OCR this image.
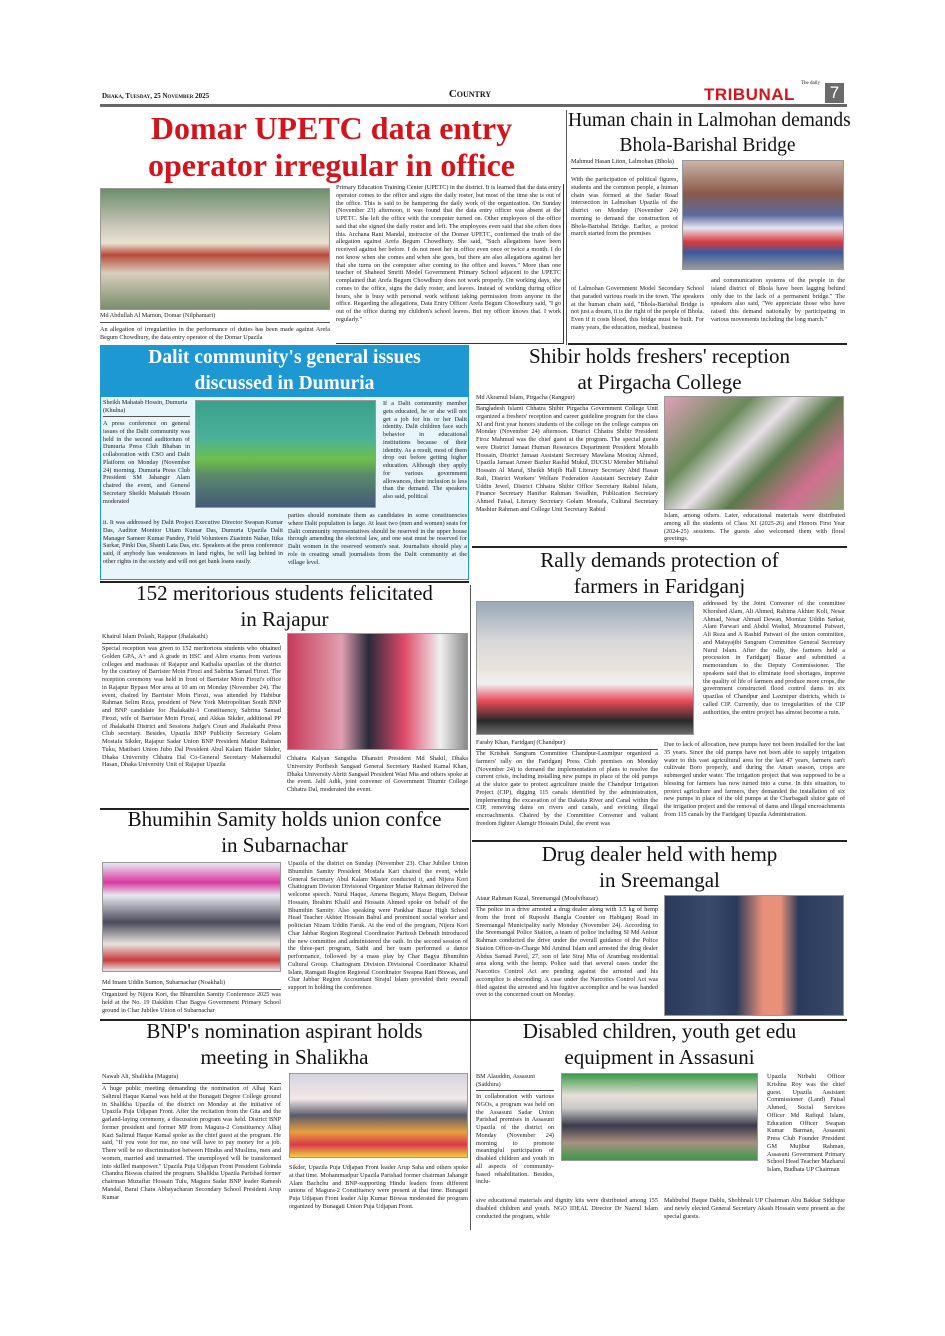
Dhaka, Tuesday, 25 November 2025	Country
The daily
TRIBUNAL 7
Domar UPETC data entry
operator irregular in office
Md Abdullah Al Mamun, Domar (Nilphamari)
An allegation of irregularities in the performance of duties has been made against Arefa Begum Chowdhury, the data entry operator of the Domar Upazila
Primary Education Training Center (UPETC) in the district. It is learned that the data entry operator comes to the office and signs the daily roster, but most of the time she is out of the office. This is said to be hampering the daily work of the organization. On Sunday (November 23) afternoon, it was found that the data entry officer was absent at the UPETC. She left the office with the computer turned on. Other employees of the office said that she signed the daily roster and left. The employees even said that she often does this. Archana Rani Mandal, instructor of the Domar UPETC, confirmed the truth of the allegation against Arefa Begum Chowdhury. She said, "Such allegations have been received against her before. I do not meet her in office even once or twice a month. I do not know when she comes and when she goes, but there are also allegations against her that she turns on the computer after coming to the office and leaves." More than one teacher of Shaheed Smriti Model Government Primary School adjacent to the UPETC complained that Arefa Begum Chowdhury does not work properly. On working days, she comes to the office, signs the daily roster, and leaves. Instead of working during office hours, she is busy with personal work without taking permission from anyone in the office. Regarding the allegations, Data Entry Officer Arefa Begum Chowdhury said, "I go out of the office during my children's school leaves. But my officer knows that. I work regularly."
Human chain in Lalmohan demands
Bhola-Barishal Bridge
Mahmud Hasan Liton, Lalmohan (Bhola)
With the participation of political figures, students and the common people, a human chain was formed at the Sadar Road intersection in Lalmohan Upazila of the district on Monday (November 24) morning to demand the construction of Bhola-Barishal Bridge. Earlier, a protest march started from the premises
of Lalmohan Government Model Secondary School that paraded various roads in the town. The speakers at the human chain said, "Bhola-Barishal Bridge is not just a dream, it is the right of the people of Bhola. Even if it costs blood, this bridge must be built. For many years, the education, medical, business
and communication systems of the people in the island district of Bhola have been lagging behind only due to the lack of a permanent bridge." The speakers also said, "We appreciate those who have raised this demand nationally by participating in various movements including the long march."
Dalit community's general issues
discussed in Dumuria
Sheikh Mahatab Hossin, Dumuria (Khulna)
A press conference on general issues of the Dalit community was held in the second auditorium of Dumuria Press Club Bhaban in collaboration with CSO and Dalit Platform on Monday (November 24) morning. Dumuria Press Club President SM Jahangir Alam chaired the event, and General Secretary Sheikh Mahatab Hossin moderated
it. It was addressed by Dalit Project Executive Director Swapan Kumar Das, Auditor Monitor Uttam Kumar Das, Dumuria Upazila Dalit Manager Sameer Kumar Pandey, Field Volunteers Ziasimin Nahar, Itika Sarkar, Pinki Das, Shanti Lata Das, etc. Speakers at the press conference said, if anybody has weaknesses in land rights, he will lag behind in other rights in the society and will not get bank loans easily.
If a Dalit community member gets educated, he or she will not get a job for his or her Dalit identity. Dalit children face such behavior in educational institutions because of their identity. As a result, most of them drop out before getting higher education. Although they apply for various government allowances, their inclusion is less than the demand. The speakers also said, political
parties should nominate them as candidates in some constituencies where Dalit population is large. At least two (men and women) seats for Dalit community representatives should be reserved in the upper house through amending the electoral law, and one seat must be reserved for Dalit women in the reserved women's seat. Journalists should play a role in creating small journalists from the Dalit community at the village level.
Shibir holds freshers' reception
at Pirgacha College
Md Akramul Islam, Pirgacha (Rangpur)
Bangladesh Islami Chhatra Shibir Pirgacha Government College Unit organized a freshers' reception and career guideline program for the class XI and first year honors students of the college on the college campus on Monday (November 24) afternoon. District Chhatra Shibir President Firoz Mahmud was the chief guest at the program. The special guests were District Jamaat Human Resources Department President Motalib Hossain, District Jamaat Assistant Secretary Mawlana Mosiuq Ahmed, Upazila Jamaat Ameer Bazlur Rashid Mukul, DUCSU Member Miftahul Hossain Al Maruf, Sheikh Mujib Hall Literary Secretary Abid Hasan Rafi, District Workers' Welfare Federation Assistant Secretary Zahir Uddin Jewel, District Chhatra Shibir Office Secretary Rabiul Islam, Finance Secretary Hanifur Rahman Swadhin, Publication Secretary Ahmed Faisal, Literary Secretary Golam Mostafa, Cultural Secretary Mashiur Rahman and College Unit Secretary Rabiul
Islam, among others. Later, educational materials were distributed among all the students of Class XI (2025-26) and Honors First Year (2024-25) sessions. The guests also welcomed them with floral greetings.
Rally demands protection of
farmers in Faridganj
Faraby Khan, Faridganj (Chandpur)
The Krishak Sangram Committee Chandpur-Laxmipur organized a farmers' rally on the Faridganj Press Club premises on Monday (November 24) to demand the implementation of plans to resolve the current crisis, including installing new pumps in place of the old pumps at the sluice gate to protect agriculture inside the Chandpur Irrigation Project (CIP), digging 115 canals identified by the administration, implementing the excavation of the Dakatia River and Canal within the CIP, removing dams on rivers and canals, and evicting illegal encroachments. Chaired by the Committee Convener and valiant freedom fighter Alamgir Hossain Dulal, the event was
addressed by the Joint Convener of the committee Khorshed Alam, Ali Ahmed, Rahima Akhter Koli, Nesar Ahmad, Nesar Ahmad Dewan, Momtaz Uddin Sarkar, Alam Parwari and Abdul Wadud, Mozammel Patwari, Ali Reza and A Rashid Patwari of the union committee, and Matsyajibi Sangram Committee General Secretary Nurul Islam. After the rally, the farmers held a procession in Faridganj Bazar and submitted a memorandum to the Deputy Commissioner. The speakers said that to eliminate food shortages, improve the quality of life of farmers and produce more crops, the government constructed flood control dams in six upazilas of Chandpur and Laxmipur districts, which is called CIP. Currently, due to irregularities of the CIP authorities, the entire project has almost become a ruin.
Due to lack of allocation, new pumps have not been installed for the last 35 years. Since the old pumps have not been able to supply irrigation water to this vast agricultural area for the last 47 years, farmers can't cultivate Boro properly, and during the Aman season, crops are submerged under water. The irrigation project that was supposed to be a blessing for farmers has now turned into a curse. In this situation, to protect agriculture and farmers, they demanded the installation of six new pumps in place of the old pumps at the Charbagadi sluice gate of the irrigation project and the removal of dams and illegal encroachments from 115 canals by the Faridganj Upazila Administration.
152 meritorious students felicitated
in Rajapur
Khairul Islam Polash, Rajapur (Jhalakathi)
Special reception was given to 152 meritorious students who obtained Golden GPA, A+ and A grade in HSC and Alim exams from various colleges and madrasas of Rajapur and Kathalia upazilas of the district by the courtesy of Barrister Moin Firozi and Sabrina Samad Firozi. The reception ceremony was held in front of Barrister Moin Firozi's office in Rajapur Bypass Mor area at 10 am on Monday (November 24). The event, chaired by Barrister Moin Firozi, was attended by Habibur Rahman Selim Reza, president of New York Metropolitan South BNP and BNP candidate for Jhalakathi-1 Constituency, Sabrina Samad Firozi, wife of Barrister Moin Firozi, and Akkas Sikder, additional PP of Jhalakathi District and Sessions Judge's Court and Jhalakathi Press Club secretary. Besides, Upazila BNP Publicity Secretary Golam Mostafa Sikder, Rajapur Sadar Union BNP President Matiur Rahman Tuku, Matibari Union Jubo Dal President Abul Kalam Haider Sikder, Dhaka University Chhatra Dal Co-General Secretary Mahamudul Hasan, Dhaka University Unit of Rajapur Upazila
Chhatra Kalyan Sangstha Dhansiri President Md Shakil, Dhaka University Poribesh Sangsad General Secretary Rashed Kamal Khan, Dhaka University Abriti Sangsad President Wasi Mia and others spoke at the event. Jalil Adik, joint convener of Government Titumir College Chhatra Dal, moderated the event.
Bhumihin Samity holds union confce
in Subarnachar
Md Imam Uddin Sumon, Subarnachar (Noakhali)
Organized by Nijera Kori, the Bhumihin Samity Conference 2025 was held at the No. 19 Dakkhin Char Bagya Government Primary School ground in Char Jubilee Union of Subarnachar
Upazila of the district on Sunday (November 23). Char Jubilee Union Bhumihin Samity President Mostafa Kari chaired the event, while General Secretary Abul Kalam Master conducted it, and Nijera Kori Chattogram Division Divisional Organizer Matiar Rahman delivered the welcome speech. Nurul Haque, Amena Begum, Maya Begum, Delwar Hossain, Ibrahim Khalil and Hossain Ahmed spoke on behalf of the Bhumihin Samity. Also speaking were Pankhar Bazar High School Head Teacher Akhter Hossain Babul and prominent social worker and politician Nizam Uddin Faruk. At the end of the program, Nijera Kori Char Jabbar Region Regional Coordinator Paritosh Debnath introduced the new committee and administered the oath. In the second session of the three-part program, Sathi and her team performed a dance performance, followed by a mass play by Char Bagya Bhumihin Cultural Group. Chattogram Division Divisional Coordinator Khairul Islam, Ramgati Region Regional Coordinator Swapna Rani Biswas, and Char Jabbar Region Accountant Sirajul Islam provided their overall support in holding the conference.
Drug dealer held with hemp
in Sreemangal
Ataur Rahman Kazal, Sreemangal (Moulvibazar)
The police in a drive arrested a drug dealer along with 1.5 kg of hemp from the front of Ruposhi Bangla Counter on Habiganj Road in Sreemangal Municipality early Monday (November 24). According to the Sreemangal Police Station, a team of police including SI Md Anisur Rahman conducted the drive under the overall guidance of the Police Station Officer-in-Charge Md Aminul Islam and arrested the drug dealer Abdus Samad Pavel, 27, son of late Siraj Mia of Arambag residential area along with the hemp. Police said that several cases under the Narcotics Control Act are pending against the arrested and his accomplice is absconding. A case under the Narcotics Control Act was filed against the arrested and his fugitive accomplice and he was handed over to the concerned court on Monday.
BNP's nomination aspirant holds
meeting in Shalikha
Nawab Ali, Shalikha (Magura)
A huge public meeting demanding the nomination of Alhaj Kazi Salimul Haque Kamal was held at the Bunagati Degree College ground in Shalikha Upazila of the district on Monday at the initiative of Upazila Puja Udjapan Front. After the recitation from the Gita and the garland-laying ceremony, a discussion program was held. District BNP former president and former MP from Magura-2 Constituency Alhaj Kazi Salimul Haque Kamal spoke as the chief guest at the program. He said, "If you vote for me, no one will have to pay money for a job. There will be no discrimination between Hindus and Muslims, men and women, married and unmarried. The unemployed will be transformed into skilled manpower." Upazila Puja Udjapan Front President Gobinda Chandra Biswas chaired the program. Shalikha Upazila Parishad former chairman Muzaffar Hossain Tulu, Magura Sadar BNP leader Ramesh Mandal, Barai Chara Abhayacharan Secondary School President Arup Kumar
Sikder, Upazila Puja Udjapan Front leader Arup Saha and others spoke at that time. Mohammadpur Upazila Parishad former chairman Jahangir Alam Bachchu and BNP-supporting Hindu leaders from different unions of Magura-2 Constituency were present at that time. Bunagati Puja Udjapan Front leader Alip Kumar Biswas moderated the program organized by Bunagati Union Puja Udjapan Front.
Disabled children, youth get edu
equipment in Assasuni
BM Alauddin, Assasuni (Satkhira)
In collaboration with various NGOs, a program was held on the Assasuni Sadar Union Parishad premises in Assasuni Upazila of the district on Monday (November 24) morning to promote meaningful participation of disabled children and youth in all aspects of community-based rehabilitation. Besides, inclu-
Upazila Nirbahi Officer Krishna Roy was the chief guest. Upazila Assistant Commissioner (Land) Faisal Ahmed, Social Services Officer Md Rafiqul Islam, Education Officer Swapan Kumar Barman, Assasuni Press Club Founder President GM Mujibur Rahman, Assasuni Government Primary School Head Teacher Mazharul Islam, Budhata UP Chairman
sive educational materials and dignity kits were distributed among 155 disabled children and youth. NGO IDEAL Director Dr Nazrul Islam conducted the program, while
Mahbubul Haque Dablu, Shobhnali UP Chairman Abu Bakkar Siddique and newly elected General Secretary Akash Hossain were present as the special guests.
